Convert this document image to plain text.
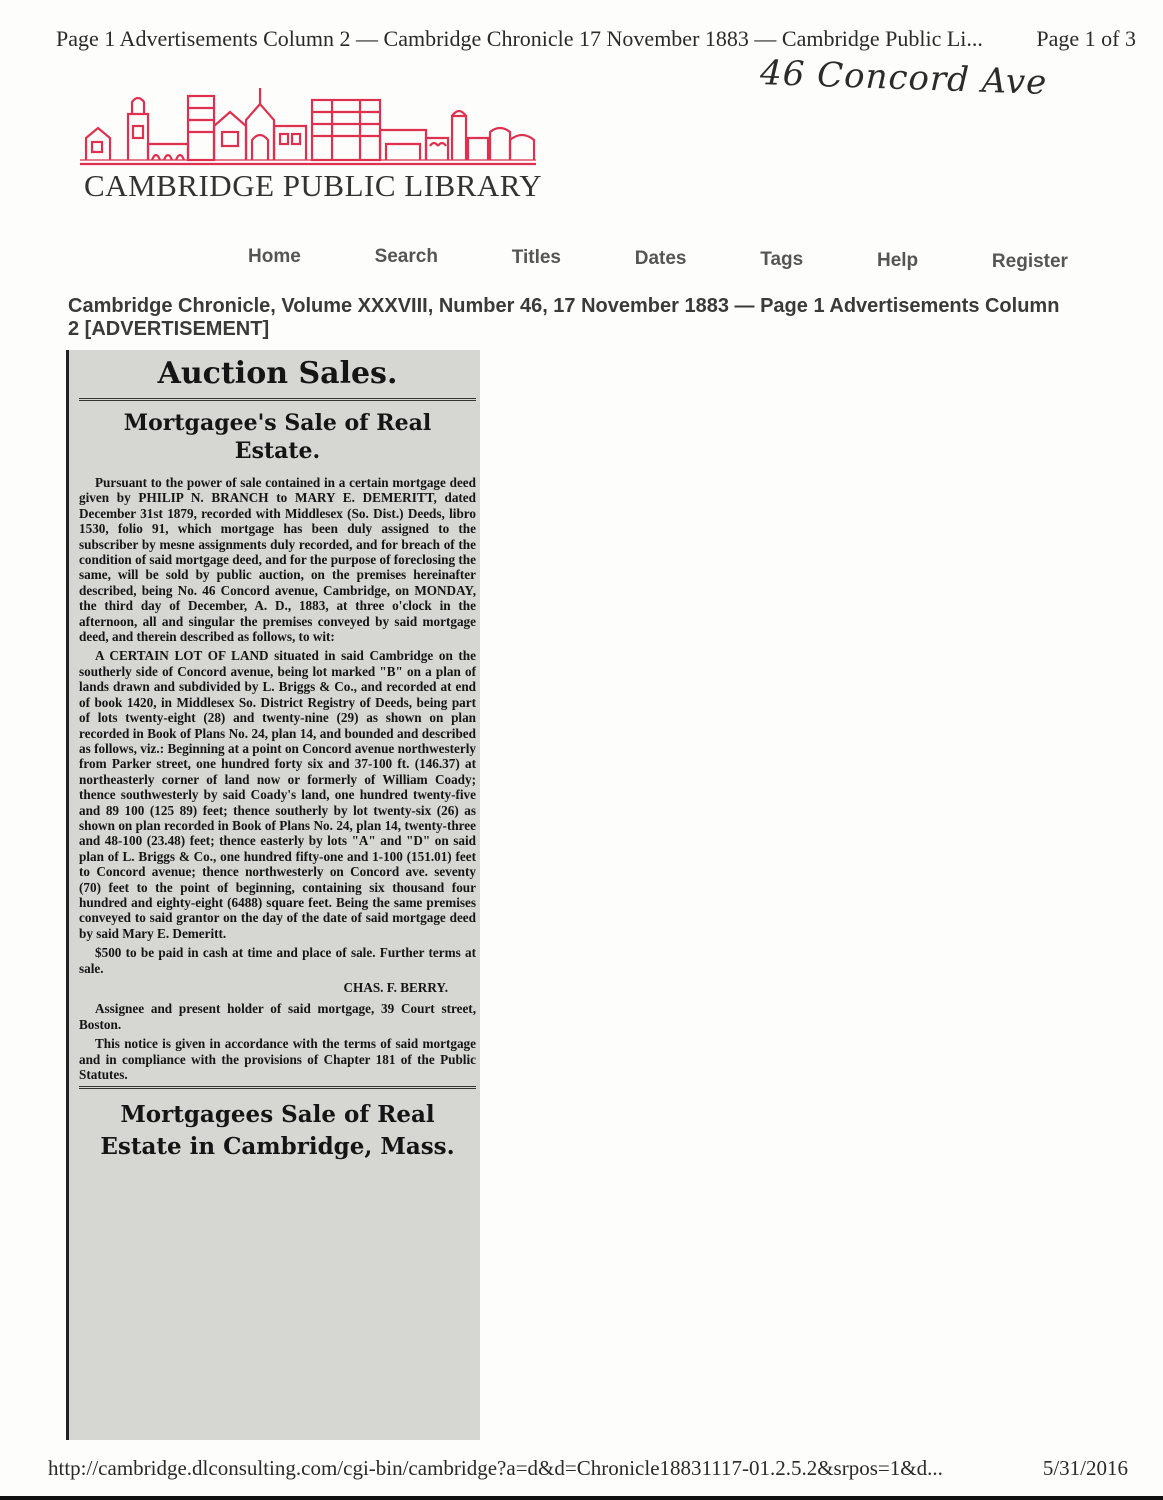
Page 1 Advertisements Column 2 — Cambridge Chronicle 17 November 1883 — Cambridge Public Li... Page 1 of 3
46 Concord Ave
CAMBRIDGE PUBLIC LIBRARY
Home	Search	Titles	Dates	Tags	Help	Register
Cambridge Chronicle, Volume XXXVIII, Number 46, 17 November 1883 — Page 1 Advertisements Column 2 [ADVERTISEMENT]
Auction Sales.
Mortgagee's Sale of Real Estate.

Pursuant to the power of sale contained in a certain mortgage deed given by PHILIP N. BRANCH to MARY E. DEMERITT, dated December 31st 1879, recorded with Middlesex (So. Dist.) Deeds, libro 1530, folio 91, which mortgage has been duly assigned to the subscriber by mesne assignments duly recorded, and for breach of the condition of said mortgage deed, and for the purpose of foreclosing the same, will be sold by public auction, on the premises hereinafter described, being No. 46 Concord avenue, Cambridge, on MONDAY, the third day of December, A. D., 1883, at three o'clock in the afternoon, all and singular the premises conveyed by said mortgage deed, and therein described as follows, to wit:

A CERTAIN LOT OF LAND situated in said Cambridge on the southerly side of Concord avenue, being lot marked "B" on a plan of lands drawn and subdivided by L. Briggs & Co., and recorded at end of book 1420, in Middlesex So. District Registry of Deeds, being part of lots twenty-eight (28) and twenty-nine (29) as shown on plan recorded in Book of Plans No. 24, plan 14, and bounded and described as follows, viz.: Beginning at a point on Concord avenue northwesterly from Parker street, one hundred forty six and 37-100 ft. (146.37) at northeasterly corner of land now or formerly of William Coady; thence southwesterly by said Coady's land, one hundred twenty-five and 89 100 (125 89) feet; thence southerly by lot twenty-six (26) as shown on plan recorded in Book of Plans No. 24, plan 14, twenty-three and 48-100 (23.48) feet; thence easterly by lots "A" and "D" on said plan of L. Briggs & Co., one hundred fifty-one and 1-100 (151.01) feet to Concord avenue; thence northwesterly on Concord ave. seventy (70) feet to the point of beginning, containing six thousand four hundred and eighty-eight (6488) square feet. Being the same premises conveyed to said grantor on the day of the date of said mortgage deed by said Mary E. Demeritt.

$500 to be paid in cash at time and place of sale. Further terms at sale.

CHAS. F. BERRY.

Assignee and present holder of said mortgage, 39 Court street, Boston.

This notice is given in accordance with the terms of said mortgage and in compliance with the provisions of Chapter 181 of the Public Statutes.

Mortgagees Sale of Real Estate in Cambridge, Mass.
http://cambridge.dlconsulting.com/cgi-bin/cambridge?a=d&d=Chronicle18831117-01.2.5.2&srpos=1&d...	5/31/2016
